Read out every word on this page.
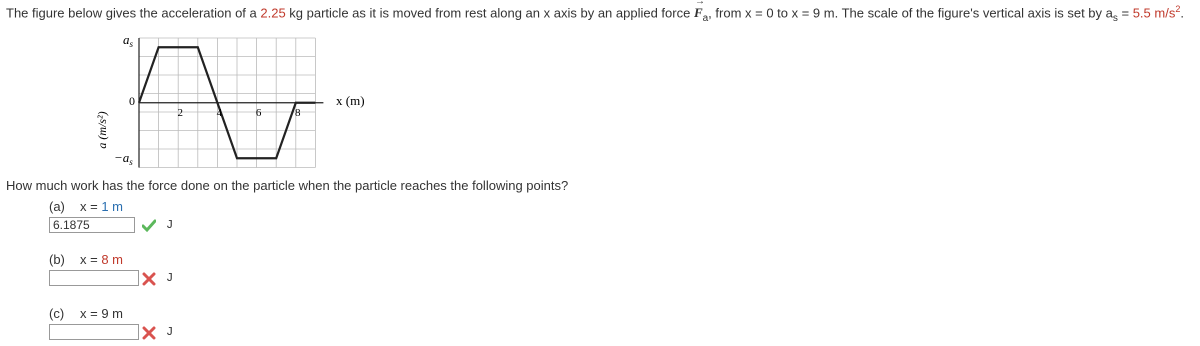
The figure below gives the acceleration of a 2.25 kg particle as it is moved from rest along an x axis by an applied force
→
$F_a$, from x = 0 to x = 9 m. The scale of the figure's vertical axis is set by $a_s = 5.5$ $m/s^2$.
a (m/s²)
$a_s$
0
$-a_s$
x (m)
2	4	6	8
How much work has the force done on the particle when the particle reaches the following points?
(a) x = 1 m
6.1875
J
(b) x = 8 m
J
(c) x = 9 m
J
